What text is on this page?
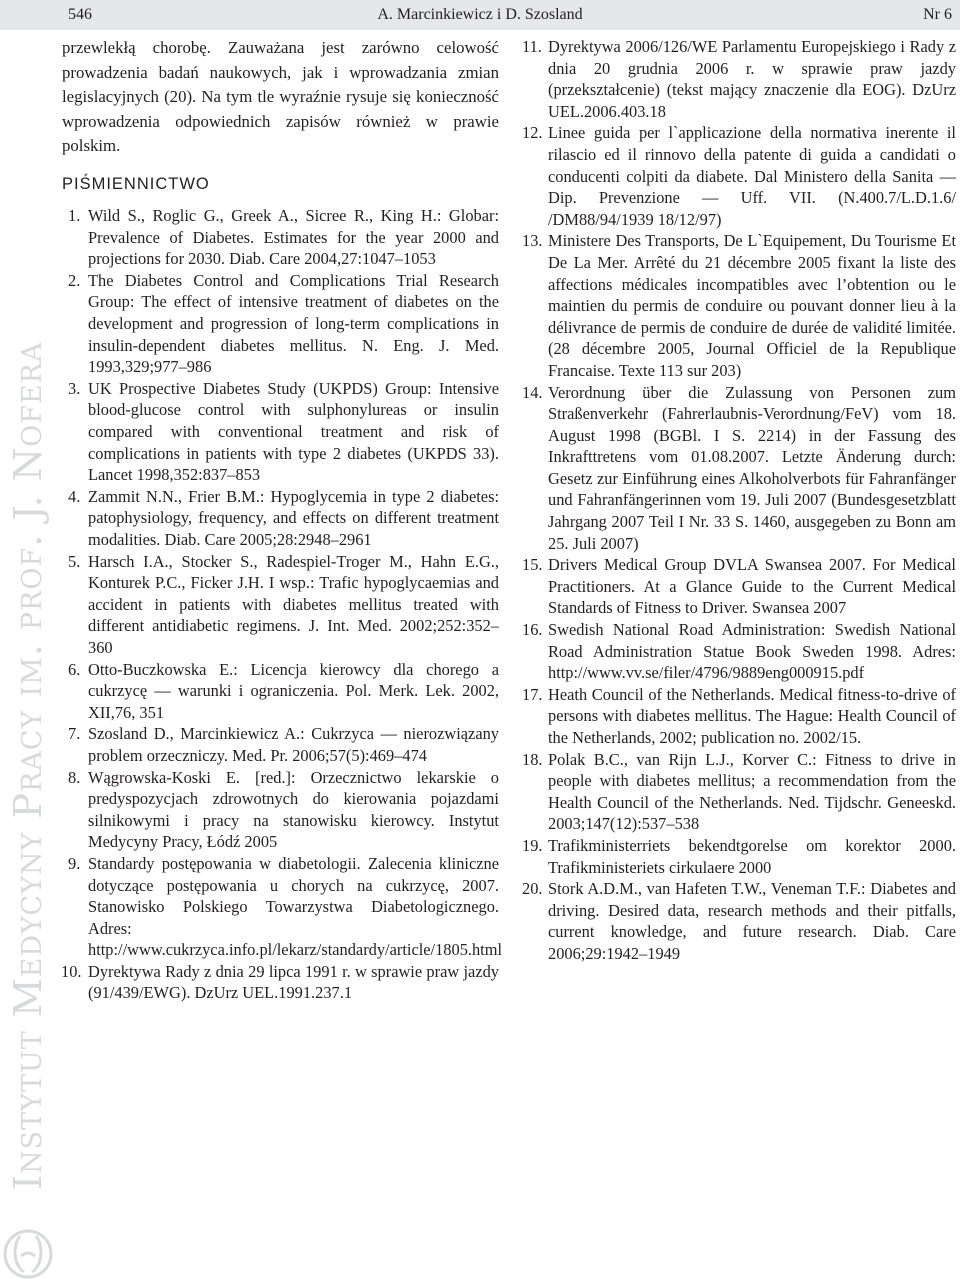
546	A. Marcinkiewicz i D. Szosland	Nr 6
Instytut Medycyny Pracy im. prof. J. Nofera

przewlekłą chorobę. Zauważana jest zarówno celowość prowadzenia badań naukowych, jak i wprowadzania zmian legislacyjnych (20). Na tym tle wyraźnie rysuje się konieczność wprowadzenia odpowiednich zapisów również w prawie polskim.

PIŚMIENNICTWO
1. Wild S., Roglic G., Greek A., Sicree R., King H.: Globar: Prevalence of Diabetes. Estimates for the year 2000 and projections for 2030. Diab. Care 2004,27:1047–1053
2. The Diabetes Control and Complications Trial Research Group: The effect of intensive treatment of diabetes on the development and progression of long-term complications in insulin-dependent diabetes mellitus. N. Eng. J. Med. 1993,329;977–986
3. UK Prospective Diabetes Study (UKPDS) Group: Intensive blood-glucose control with sulphonylureas or insulin compared with conventional treatment and risk of complications in patients with type 2 diabetes (UKPDS 33). Lancet 1998,352:837–853
4. Zammit N.N., Frier B.M.: Hypoglycemia in type 2 diabetes: patophysiology, frequency, and effects on different treatment modalities. Diab. Care 2005;28:2948–2961
5. Harsch I.A., Stocker S., Radespiel-Troger M., Hahn E.G., Konturek P.C., Ficker J.H. I wsp.: Trafic hypoglycaemias and accident in patients with diabetes mellitus treated with different antidiabetic regimens. J. Int. Med. 2002;252:352–360
6. Otto-Buczkowska E.: Licencja kierowcy dla chorego a cukrzycę — warunki i ograniczenia. Pol. Merk. Lek. 2002, XII,76, 351
7. Szosland D., Marcinkiewicz A.: Cukrzyca — nierozwiązany problem orzeczniczy. Med. Pr. 2006;57(5):469–474
8. Wągrowska-Koski E. [red.]: Orzecznictwo lekarskie o predyspozycjach zdrowotnych do kierowania pojazdami silnikowymi i pracy na stanowisku kierowcy. Instytut Medycyny Pracy, Łódź 2005
9. Standardy postępowania w diabetologii. Zalecenia kliniczne dotyczące postępowania u chorych na cukrzycę, 2007. Stanowisko Polskiego Towarzystwa Diabetologicznego. Adres: http://www.cukrzyca.info.pl/lekarz/standardy/article/1805.html
10. Dyrektywa Rady z dnia 29 lipca 1991 r. w sprawie praw jazdy (91/439/EWG). DzUrz UEL.1991.237.1
11. Dyrektywa 2006/126/WE Parlamentu Europejskiego i Rady z dnia 20 grudnia 2006 r. w sprawie praw jazdy (przekształcenie) (tekst mający znaczenie dla EOG). DzUrz UEL.2006.403.18
12. Linee guida per l`applicazione della normativa inerente il rilascio ed il rinnovo della patente di guida a candidati o conducenti colpiti da diabete. Dal Ministero della Sanita — Dip. Prevenzione — Uff. VII. (N.400.7/L.D.1.6/ /DM88/94/1939 18/12/97)
13. Ministere Des Transports, De L`Equipement, Du Tourisme Et De La Mer. Arrêté du 21 décembre 2005 fixant la liste des affections médicales incompatibles avec l’obtention ou le maintien du permis de conduire ou pouvant donner lieu à la délivrance de permis de conduire de durée de validité limitée. (28 décembre 2005, Journal Officiel de la Republique Francaise. Texte 113 sur 203)
14. Verordnung über die Zulassung von Personen zum Straßenverkehr (Fahrerlaubnis-Verordnung/FeV) vom 18. August 1998 (BGBl. I S. 2214) in der Fassung des Inkrafttretens vom 01.08.2007. Letzte Änderung durch: Gesetz zur Einführung eines Alkoholverbots für Fahranfänger und Fahranfängerinnen vom 19. Juli 2007 (Bundesgesetzblatt Jahrgang 2007 Teil I Nr. 33 S. 1460, ausgegeben zu Bonn am 25. Juli 2007)
15. Drivers Medical Group DVLA Swansea 2007. For Medical Practitioners. At a Glance Guide to the Current Medical Standards of Fitness to Driver. Swansea 2007
16. Swedish National Road Administration: Swedish National Road Administration Statue Book Sweden 1998. Adres: http://www.vv.se/filer/4796/9889eng000915.pdf
17. Heath Council of the Netherlands. Medical fitness-to-drive of persons with diabetes mellitus. The Hague: Health Council of the Netherlands, 2002; publication no. 2002/15.
18. Polak B.C., van Rijn L.J., Korver C.: Fitness to drive in people with diabetes mellitus; a recommendation from the Health Council of the Netherlands. Ned. Tijdschr. Geneeskd. 2003;147(12):537–538
19. Trafikministerriets bekendtgorelse om korektor 2000. Trafikministeriets cirkulaere 2000
20. Stork A.D.M., van Hafeten T.W., Veneman T.F.: Diabetes and driving. Desired data, research methods and their pitfalls, current knowledge, and future research. Diab. Care 2006;29:1942–1949
